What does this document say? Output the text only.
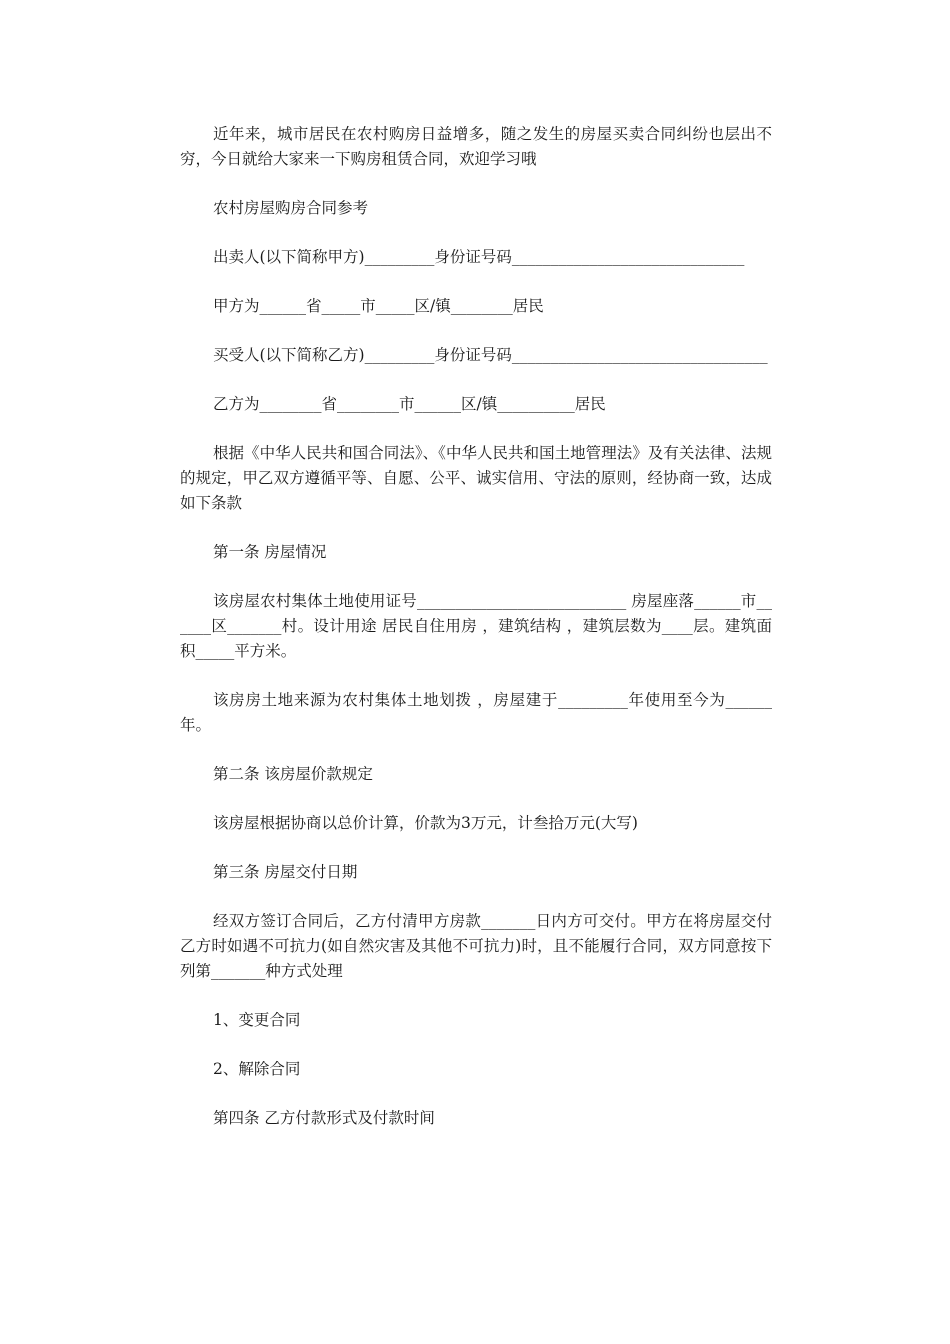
近年来，城市居民在农村购房日益增多，随之发生的房屋买卖合同纠纷也层出不穷，今日就给大家来一下购房租赁合同，欢迎学习哦

农村房屋购房合同参考

出卖人(以下简称甲方)_________身份证号码______________________________

甲方为______省_____市_____区/镇________居民

买受人(以下简称乙方)_________身份证号码_________________________________

乙方为________省________市______区/镇__________居民

根据《中华人民共和国合同法》、《中华人民共和国土地管理法》及有关法律、法规的规定，甲乙双方遵循平等、自愿、公平、诚实信用、守法的原则，经协商一致，达成如下条款

第一条 房屋情况

该房屋农村集体土地使用证号___________________________ 房屋座落______市______区_______村。设计用途 居民自住用房 ，建筑结构 ，建筑层数为____层。建筑面积_____平方米。

该房房土地来源为农村集体土地划拨 ，房屋建于_________年使用至今为______年。

第二条 该房屋价款规定

该房屋根据协商以总价计算，价款为3万元，计叁拾万元(大写)

第三条 房屋交付日期

经双方签订合同后，乙方付清甲方房款_______日内方可交付。甲方在将房屋交付乙方时如遇不可抗力(如自然灾害及其他不可抗力)时，且不能履行合同，双方同意按下列第_______种方式处理

1、变更合同

2、解除合同

第四条 乙方付款形式及付款时间
